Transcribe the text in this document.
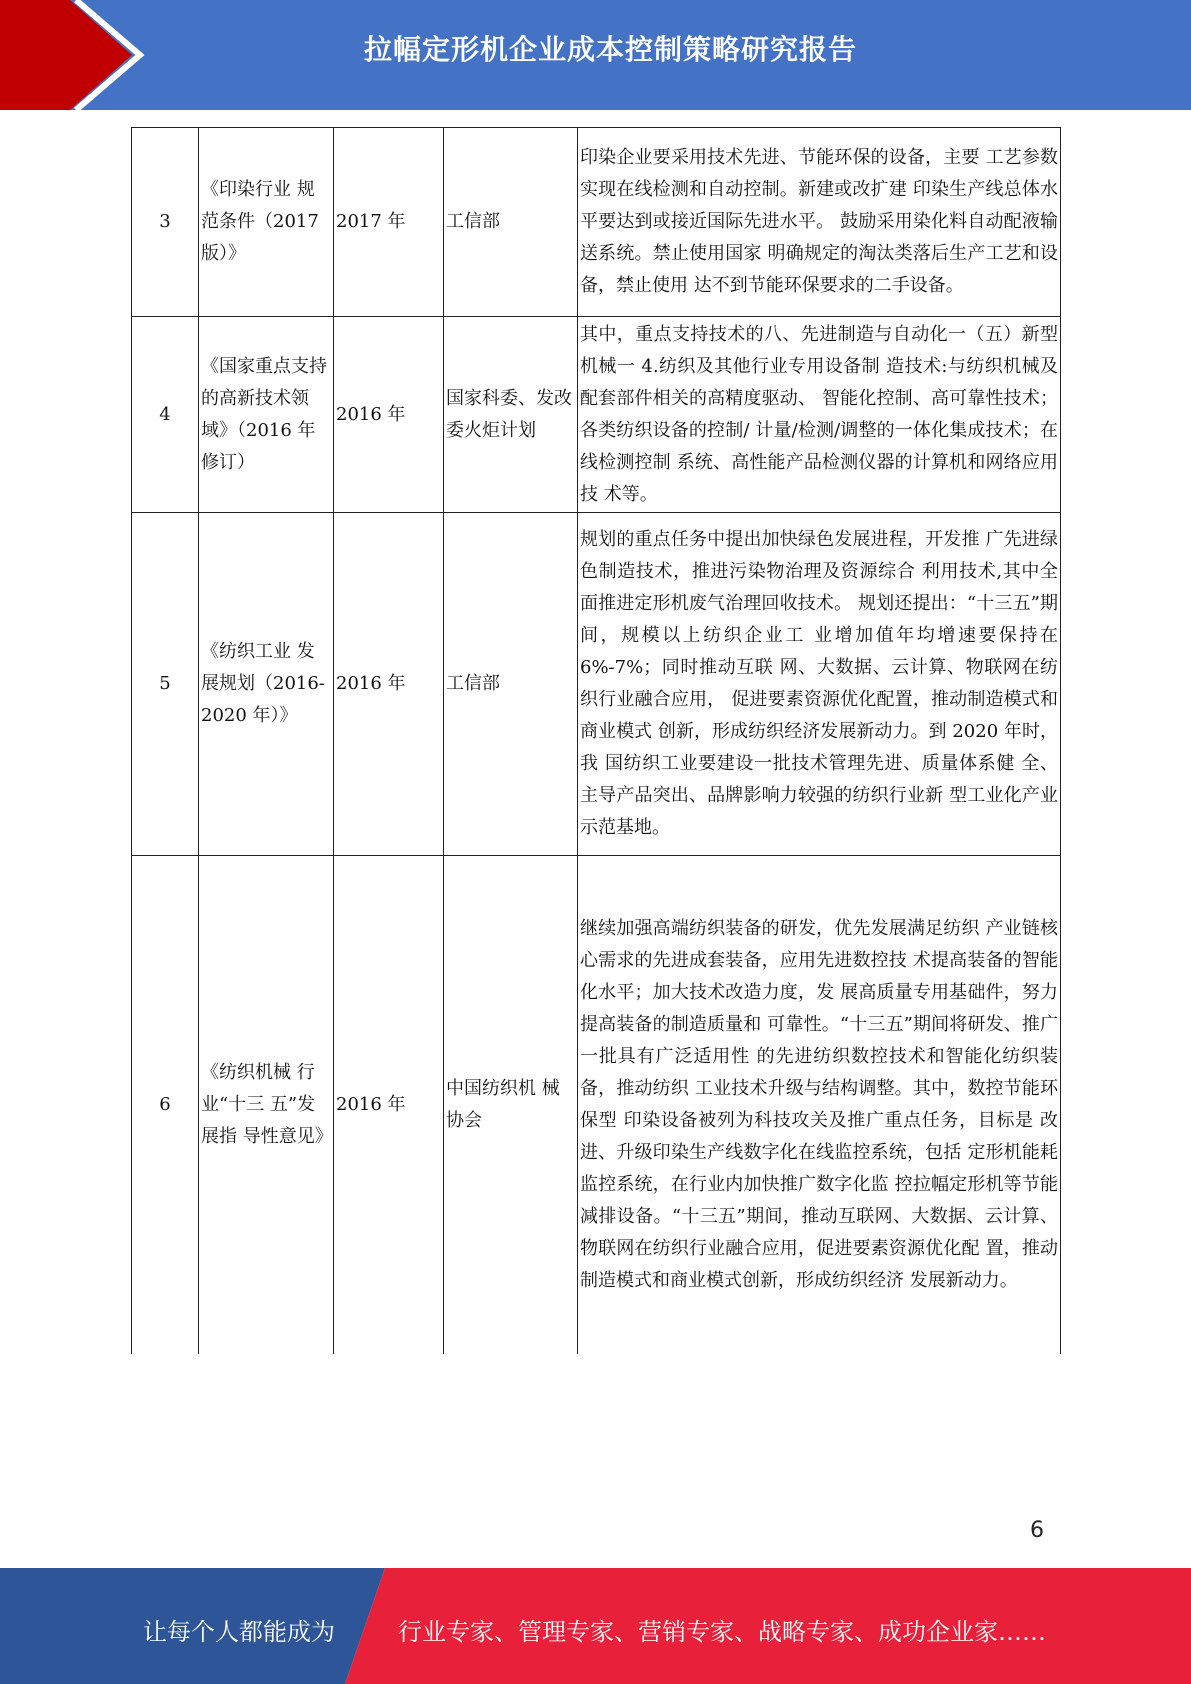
拉幅定形机企业成本控制策略研究报告
3	《印染行业 规范条件（2017 版）》	2017 年	工信部	印染企业要采用技术先进、节能环保的设备，主要 工艺参数实现在线检测和自动控制。新建或改扩建 印染生产线总体水平要达到或接近国际先进水平。 鼓励采用染化料自动配液输送系统。禁止使用国家 明确规定的淘汰类落后生产工艺和设备，禁止使用 达不到节能环保要求的二手设备。
4	《国家重点支持的高新技术领域》（2016 年修订）	2016 年	国家科委、发改委火炬计划	其中，重点支持技术的八、先进制造与自动化一（五）新型机械一 4.纺织及其他行业专用设备制 造技术:与纺织机械及配套部件相关的高精度驱动、 智能化控制、高可靠性技术；各类纺织设备的控制/ 计量/检测/调整的一体化集成技术；在线检测控制 系统、高性能产品检测仪器的计算机和网络应用技 术等。
5	《纺织工业 发展规划（2016-2020 年）》	2016 年	工信部	规划的重点任务中提出加快绿色发展进程，开发推 广先进绿色制造技术，推进污染物治理及资源综合 利用技术,其中全面推进定形机废气治理回收技术。 规划还提出：“十三五”期间，规模以上纺织企业工 业增加值年均增速要保持在 6%-7%；同时推动互联 网、大数据、云计算、物联网在纺织行业融合应用， 促进要素资源优化配置，推动制造模式和商业模式 创新，形成纺织经济发展新动力。到 2020 年时，我 国纺织工业要建设一批技术管理先进、质量体系健 全、主导产品突出、品牌影响力较强的纺织行业新 型工业化产业示范基地。
6	《纺织机械 行业“十三 五”发展指 导性意见》	2016 年	中国纺织机 械协会	继续加强高端纺织装备的研发，优先发展满足纺织 产业链核心需求的先进成套装备，应用先进数控技 术提高装备的智能化水平；加大技术改造力度，发 展高质量专用基础件，努力提高装备的制造质量和 可靠性。“十三五”期间将研发、推广一批具有广泛适用性 的先进纺织数控技术和智能化纺织装备，推动纺织 工业技术升级与结构调整。其中，数控节能环保型 印染设备被列为科技攻关及推广重点任务，目标是 改进、升级印染生产线数字化在线监控系统，包括 定形机能耗监控系统，在行业内加快推广数字化监 控拉幅定形机等节能减排设备。“十三五”期间，推动互联网、大数据、云计算、 物联网在纺织行业融合应用，促进要素资源优化配 置，推动制造模式和商业模式创新，形成纺织经济 发展新动力。
6
让每个人都能成为	行业专家、管理专家、营销专家、战略专家、成功企业家……
